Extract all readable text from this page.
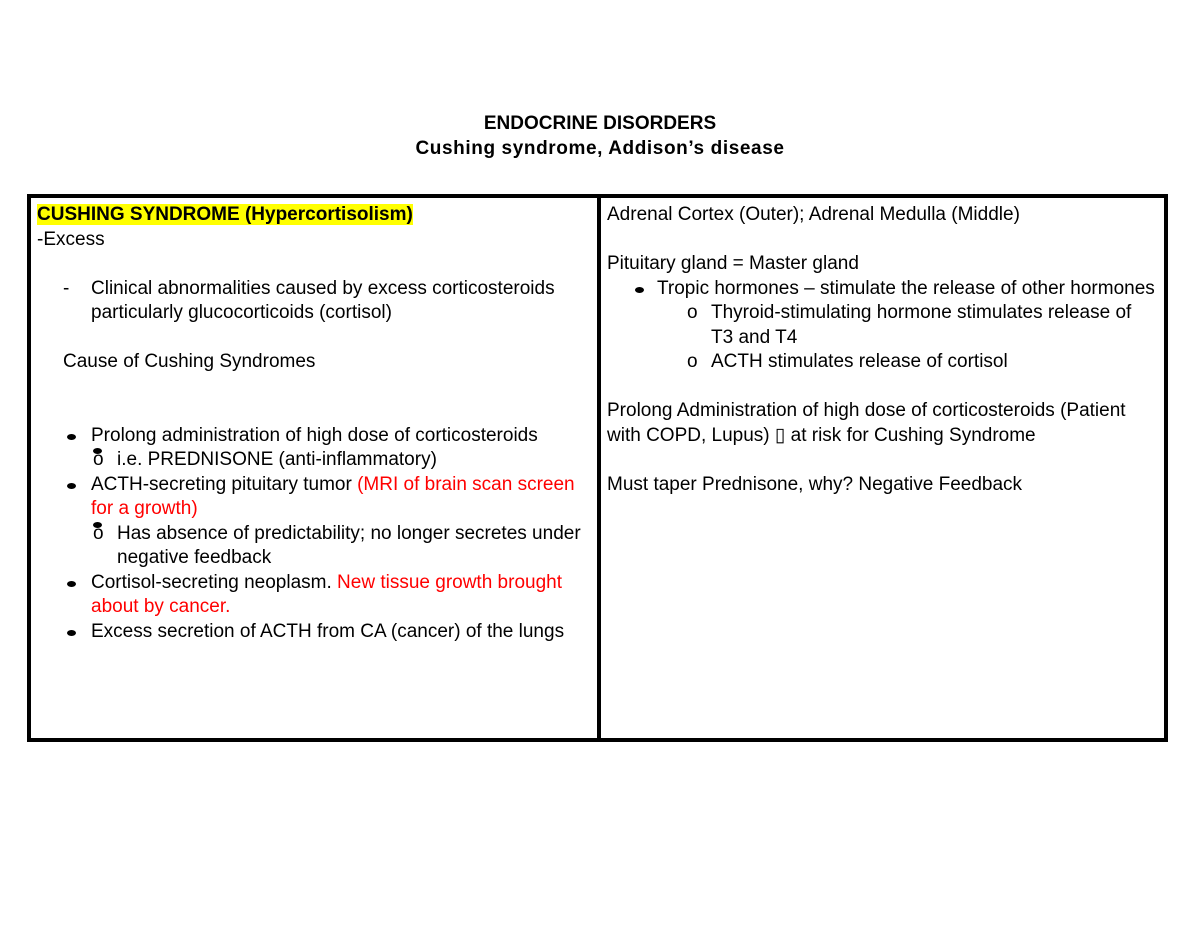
ENDOCRINE DISORDERS
Cushing syndrome, Addison’s disease

CUSHING SYNDROME (Hypercortisolism)

-Excess

- Clinical abnormalities caused by excess corticosteroids particularly glucocorticoids (cortisol)

Cause of Cushing Syndromes

Prolong administration of high dose of corticosteroids
o i.e. PREDNISONE (anti-inflammatory)
ACTH-secreting pituitary tumor (MRI of brain scan screen for a growth)
o Has absence of predictability; no longer secretes under negative feedback
Cortisol-secreting neoplasm. New tissue growth brought about by cancer.
Excess secretion of ACTH from CA (cancer) of the lungs

Adrenal Cortex (Outer); Adrenal Medulla (Middle)

Pituitary gland = Master gland

Tropic hormones – stimulate the release of other hormones
o Thyroid-stimulating hormone stimulates release of T3 and T4
o ACTH stimulates release of cortisol

Prolong Administration of high dose of corticosteroids (Patient with COPD, Lupus) ▯ at risk for Cushing Syndrome

Must taper Prednisone, why? Negative Feedback
